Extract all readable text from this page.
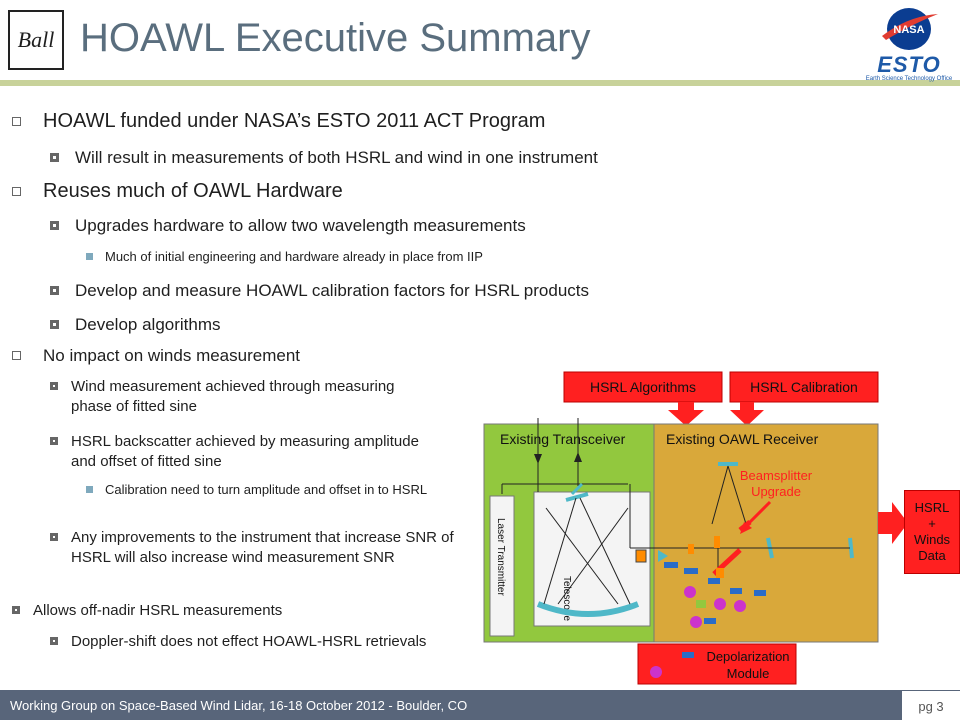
Ball HOAWL Executive Summary	NASA
ESTO
Earth Science Technology Office
HOAWL funded under NASA’s ESTO 2011 ACT Program
Will result in measurements of both HSRL and wind in one instrument
Reuses much of OAWL Hardware
Upgrades hardware to allow two wavelength measurements
Much of initial engineering and hardware already in place from IIP
Develop and measure HOAWL calibration factors for HSRL products
Develop algorithms
No impact on winds measurement
Wind measurement achieved through measuring phase of fitted sine
HSRL backscatter achieved by measuring amplitude and offset of fitted sine
Calibration need to turn amplitude and offset in to HSRL
Any improvements to the instrument that increase SNR of HSRL will also increase wind measurement SNR
Allows off-nadir HSRL measurements
Doppler-shift does not effect HOAWL-HSRL retrievals
HSRL Algorithms	HSRL Calibration
Existing Transceiver	Existing OAWL Receiver
Laser Transmitter
Telescope
Beamsplitter
Upgrade
Depolarization
Module
HSRL
+
Winds
Data
Working Group on Space-Based Wind Lidar, 16-18 October 2012 - Boulder, CO	pg 3
